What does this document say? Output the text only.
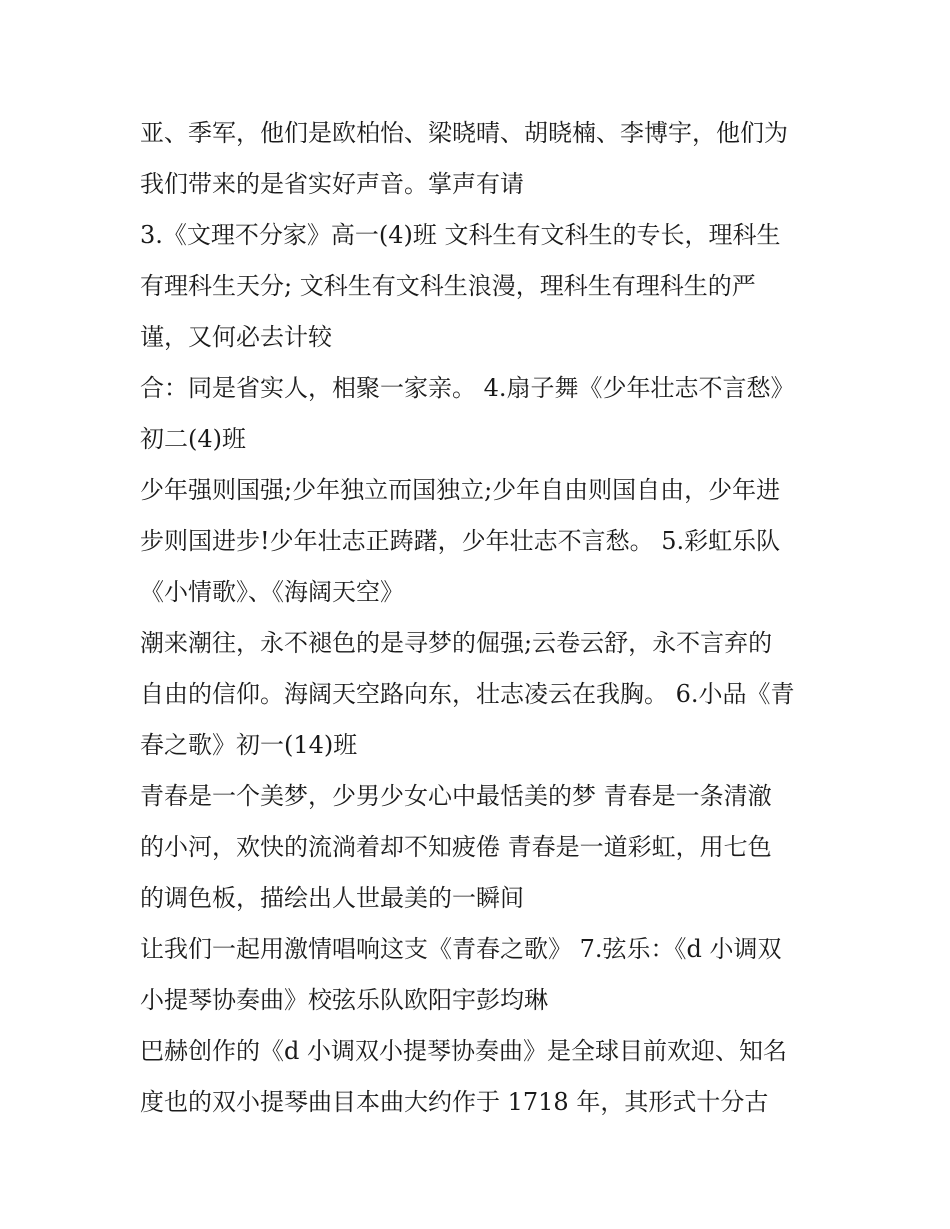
亚、季军，他们是欧柏怡、梁晓晴、胡晓楠、李博宇，他们为
我们带来的是省实好声音。掌声有请
3.《文理不分家》高一(4)班 文科生有文科生的专长，理科生
有理科生天分; 文科生有文科生浪漫，理科生有理科生的严
谨，又何必去计较
合：同是省实人，相聚一家亲。 4.扇子舞《少年壮志不言愁》
初二(4)班
少年强则国强;少年独立而国独立;少年自由则国自由，少年进
步则国进步!少年壮志正踌躇，少年壮志不言愁。 5.彩虹乐队
《小情歌》、《海阔天空》
潮来潮往，永不褪色的是寻梦的倔强;云卷云舒，永不言弃的
自由的信仰。海阔天空路向东，壮志凌云在我胸。 6.小品《青
春之歌》初一(14)班
青春是一个美梦，少男少女心中最恬美的梦 青春是一条清澈
的小河，欢快的流淌着却不知疲倦 青春是一道彩虹，用七色
的调色板，描绘出人世最美的一瞬间
让我们一起用激情唱响这支《青春之歌》 7.弦乐：《d 小调双
小提琴协奏曲》校弦乐队欧阳宇彭均琳
巴赫创作的《d 小调双小提琴协奏曲》是全球目前欢迎、知名
度也的双小提琴曲目本曲大约作于 1718 年，其形式十分古
